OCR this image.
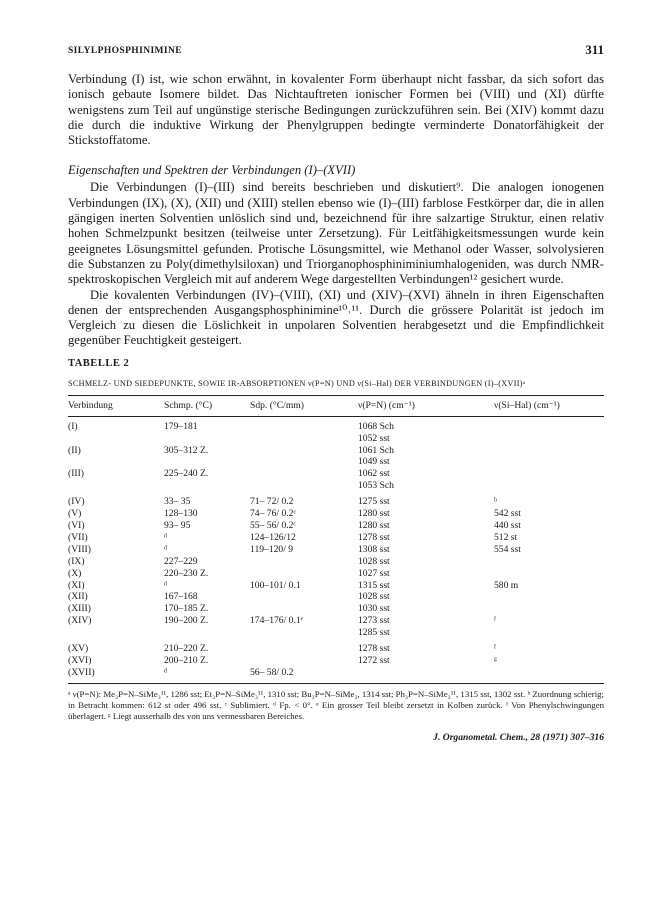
SILYLPHOSPHINIMINE	311

Verbindung (I) ist, wie schon erwähnt, in kovalenter Form überhaupt nicht fassbar, da sich sofort das ionisch gebaute Isomere bildet. Das Nichtauftreten ionischer Formen bei (VIII) und (XI) dürfte wenigstens zum Teil auf ungünstige sterische Bedingungen zurückzuführen sein. Bei (XIV) kommt dazu die durch die induktive Wirkung der Phenylgruppen bedingte verminderte Donatorfähigkeit der Stickstoffatome.

Eigenschaften und Spektren der Verbindungen (I)–(XVII)

Die Verbindungen (I)–(III) sind bereits beschrieben und diskutiert⁹. Die analogen ionogenen Verbindungen (IX), (X), (XII) und (XIII) stellen ebenso wie (I)–(III) farblose Festkörper dar, die in allen gängigen inerten Solventien unlöslich sind und, bezeichnend für ihre salzartige Struktur, einen relativ hohen Schmelzpunkt besitzen (teilweise unter Zersetzung). Für Leitfähigkeitsmessungen wurde kein geeignetes Lösungsmittel gefunden. Protische Lösungsmittel, wie Methanol oder Wasser, solvolysieren die Substanzen zu Poly(dimethylsiloxan) und Triorganophosphiniminiumhalogeniden, was durch NMR-spektroskopischen Vergleich mit auf anderem Wege dargestellten Verbindungen¹² gesichert wurde.

Die kovalenten Verbindungen (IV)–(VIII), (XI) und (XIV)–(XVI) ähneln in ihren Eigenschaften denen der entsprechenden Ausgangsphosphinimine¹⁰˒¹¹. Durch die grössere Polarität ist jedoch im Vergleich zu diesen die Löslichkeit in unpolaren Solventien herabgesetzt und die Empfindlichkeit gegenüber Feuchtigkeit gesteigert.

TABELLE 2
SCHMELZ- UND SIEDEPUNKTE, SOWIE IR-ABSORPTIONEN ν(P=N) UND ν(Si–Hal) DER VERBINDUNGEN (I)–(XVII)ᵃ
Verbindung	Schmp. (°C)	Sdp. (°C/mm)	ν(P=N) (cm⁻¹)	ν(Si–Hal) (cm⁻¹)
(I)	179–181		1068 Sch	
			1052 sst	
(II)	305–312 Z.		1061 Sch	
			1049 sst	
(III)	225–240 Z.		1062 sst	
			1053 Sch	
(IV)	33– 35	71– 72/ 0.2	1275 sst	ᵇ
(V)	128–130	74– 76/ 0.2ᶜ	1280 sst	542 sst
(VI)	93– 95	55– 56/ 0.2ᶜ	1280 sst	440 sst
(VII)	ᵈ	124–126/12	1278 sst	512 st
(VIII)	ᵈ	119–120/ 9	1308 sst	554 sst
(IX)	227–229		1028 sst	
(X)	220–230 Z.		1027 sst	
(XI)	ᵈ	100–101/ 0.1	1315 sst	580 m
(XII)	167–168		1028 sst	
(XIII)	170–185 Z.		1030 sst	
(XIV)	190–200 Z.	174–176/ 0.1ᵉ	1273 sst	ᶠ
			1285 sst	
(XV)	210–220 Z.		1278 sst	ᶠ
(XVI)	200–210 Z.		1272 sst	ᵍ
(XVII)	ᵈ	56– 58/ 0.2		
ᵃ ν(P=N): Me₃P=N–SiMe₃¹¹, 1286 sst; Et₃P=N–SiMe₃¹¹, 1310 sst; Bu₃P=N–SiMe₃, 1314 sst; Ph₃P=N–SiMe₃¹¹, 1315 sst, 1302 sst. ᵇ Zuordnung schierig; in Betracht kommen: 612 st oder 496 sst. ᶜ Sublimiert. ᵈ Fp. < 0°. ᵉ Ein grosser Teil bleibt zersetzt in Kolben zurück. ᶠ Von Phenylschwingungen überlagert. ᵍ Liegt ausserhalb des von uns vermessbaren Bereiches.
J. Organometal. Chem., 28 (1971) 307–316
